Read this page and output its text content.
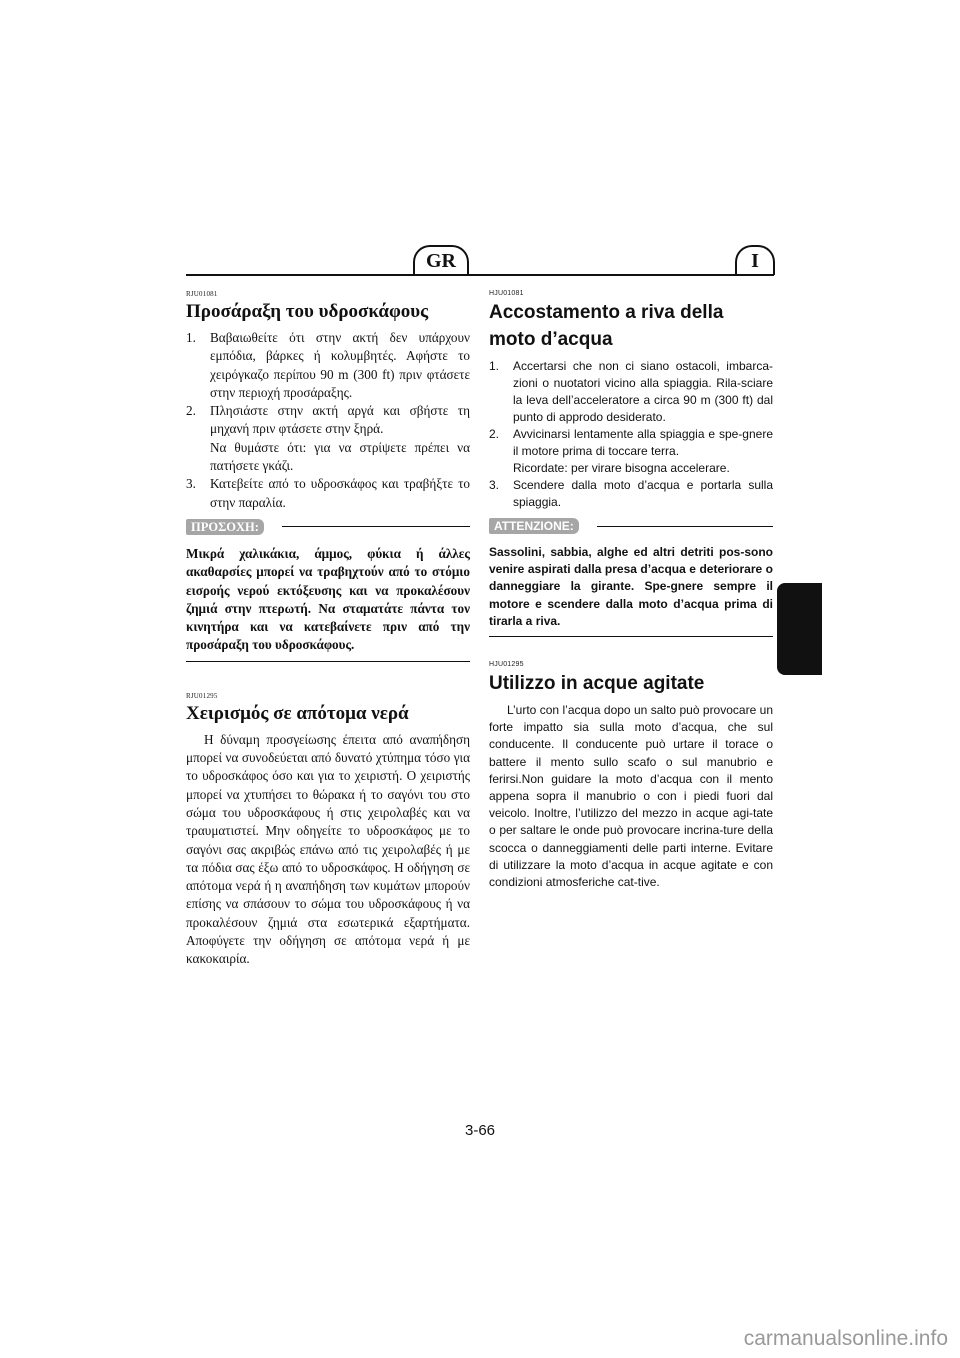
GR	I
RJU01081
Προσάραξη του υδροσκάφους
1. Βαβαιωθείτε ότι στην ακτή δεν υπάρχουν εμπόδια, βάρκες ή κολυμβητές. Αφήστε το χειρόγκαζο περίπου 90 m (300 ft) πριν φτάσετε στην περιοχή προσάραξης.
2. Πλησιάστε στην ακτή αργά και σβήστε τη μηχανή πριν φτάσετε στην ξηρά.
Να θυμάστε ότι: για να στρίψετε πρέπει να πατήσετε γκάζι.
3. Κατεβείτε από το υδροσκάφος και τραβήξτε το στην παραλία.
ΠΡΟΣΟΧΗ:

Μικρά χαλικάκια, άμμος, φύκια ή άλλες ακαθαρσίες μπορεί να τραβηχτούν από το στόμιο εισροής νερού εκτόξευσης και να προκαλέσουν ζημιά στην πτερωτή. Να σταματάτε πάντα τον κινητήρα και να κατεβαίνετε πριν από την προσάραξη του υδροσκάφους.

RJU01295
Χειρισμός σε απότομα νερά

Η δύναμη προσγείωσης έπειτα από αναπήδηση μπορεί να συνοδεύεται από δυνατό χτύπημα τόσο για το υδροσκάφος όσο και για το χειριστή. Ο χειριστής μπορεί να χτυπήσει το θώρακα ή το σαγόνι του στο σώμα του υδροσκάφους ή στις χειρολαβές και να τραυματιστεί. Μην οδηγείτε το υδροσκάφος με το σαγόνι σας ακριβώς επάνω από τις χειρολαβές ή με τα πόδια σας έξω από το υδροσκάφος. Η οδήγηση σε απότομα νερά ή η αναπήδηση των κυμάτων μπορούν επίσης να σπάσουν το σώμα του υδροσκάφους ή να προκαλέσουν ζημιά στα εσωτερικά εξαρτήματα. Αποφύγετε την οδήγηση σε απότομα νερά ή με κακοκαιρία.

HJU01081
Accostamento a riva della moto d’acqua
1. Accertarsi che non ci siano ostacoli, imbarca-zioni o nuotatori vicino alla spiaggia. Rila-sciare la leva dell’acceleratore a circa 90 m (300 ft) dal punto di approdo desiderato.
2. Avvicinarsi lentamente alla spiaggia e spe-gnere il motore prima di toccare terra.
Ricordate: per virare bisogna accelerare.
3. Scendere dalla moto d’acqua e portarla sulla spiaggia.
ATTENZIONE:

Sassolini, sabbia, alghe ed altri detriti pos-sono venire aspirati dalla presa d’acqua e deteriorare o danneggiare la girante. Spe-gnere sempre il motore e scendere dalla moto d’acqua prima di tirarla a riva.

HJU01295
Utilizzo in acque agitate

L’urto con l’acqua dopo un salto può provocare un forte impatto sia sulla moto d’acqua, che sul conducente. Il conducente può urtare il torace o battere il mento sullo scafo o sul manubrio e ferirsi.Non guidare la moto d’acqua con il mento appena sopra il manubrio o con i piedi fuori dal veicolo. Inoltre, l’utilizzo del mezzo in acque agi-tate o per saltare le onde può provocare incrina-ture della scocca o danneggiamenti delle parti interne. Evitare di utilizzare la moto d’acqua in acque agitate e con condizioni atmosferiche cat-tive.

3-66
carmanualsonline.info
